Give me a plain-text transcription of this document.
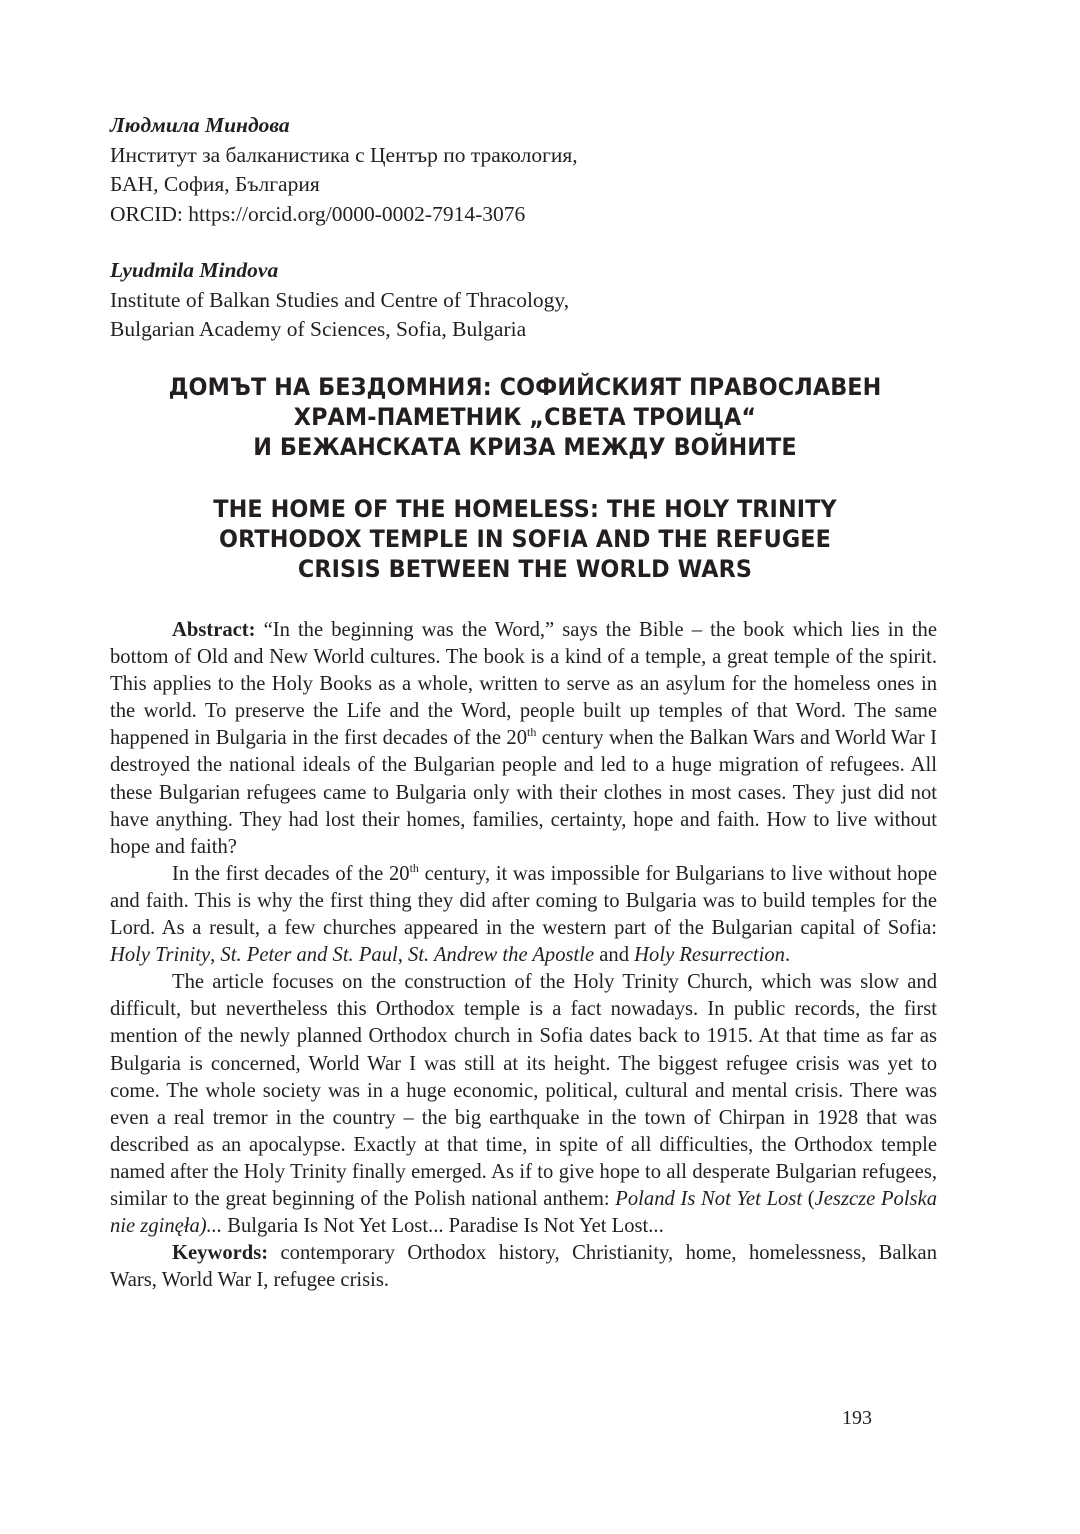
Людмила Миндова
Институт за балканистика с Център по тракология,
БАН, София, България
ORCID: https://orcid.org/0000-0002-7914-3076
Lyudmila Mindova
Institute of Balkan Studies and Centre of Thracology,
Bulgarian Academy of Sciences, Sofia, Bulgaria
ДОМЪТ НА БЕЗДОМНИЯ: СОФИЙСКИЯТ ПРАВОСЛАВЕН
ХРАМ-ПАМЕТНИК „СВЕТА ТРОИЦА“
И БЕЖАНСКАТА КРИЗА МЕЖДУ ВОЙНИТЕ
THE HOME OF THE HOMELESS: THE HOLY TRINITY
ORTHODOX TEMPLE IN SOFIA AND THE REFUGEE
CRISIS BETWEEN THE WORLD WARS

Abstract: “In the beginning was the Word,” says the Bible – the book which lies in the bottom of Old and New World cultures. The book is a kind of a temple, a great temple of the spirit. This applies to the Holy Books as a whole, written to serve as an asylum for the homeless ones in the world. To preserve the Life and the Word, people built up temples of that Word. The same happened in Bulgaria in the first decades of the 20th century when the Balkan Wars and World War I destroyed the national ideals of the Bulgarian people and led to a huge migration of refugees. All these Bulgarian refugees came to Bulgaria only with their clothes in most cases. They just did not have anything. They had lost their homes, families, certainty, hope and faith. How to live without hope and faith?

In the first decades of the 20th century, it was impossible for Bulgarians to live without hope and faith. This is why the first thing they did after coming to Bulgaria was to build temples for the Lord. As a result, a few churches appeared in the western part of the Bulgarian capital of Sofia: Holy Trinity, St. Peter and St. Paul, St. Andrew the Apostle and Holy Resurrection.

The article focuses on the construction of the Holy Trinity Church, which was slow and difficult, but nevertheless this Orthodox temple is a fact nowadays. In public records, the first mention of the newly planned Orthodox church in Sofia dates back to 1915. At that time as far as Bulgaria is concerned, World War I was still at its height. The biggest refugee crisis was yet to come. The whole society was in a huge economic, political, cultural and mental crisis. There was even a real tremor in the country – the big earthquake in the town of Chirpan in 1928 that was described as an apocalypse. Exactly at that time, in spite of all difficulties, the Orthodox temple named after the Holy Trinity finally emerged. As if to give hope to all desperate Bulgarian refugees, similar to the great beginning of the Polish national anthem: Poland Is Not Yet Lost (Jeszcze Polska nie zginęła)... Bulgaria Is Not Yet Lost... Paradise Is Not Yet Lost...

Keywords: contemporary Orthodox history, Christianity, home, homelessness, Balkan Wars, World War I, refugee crisis.

193
